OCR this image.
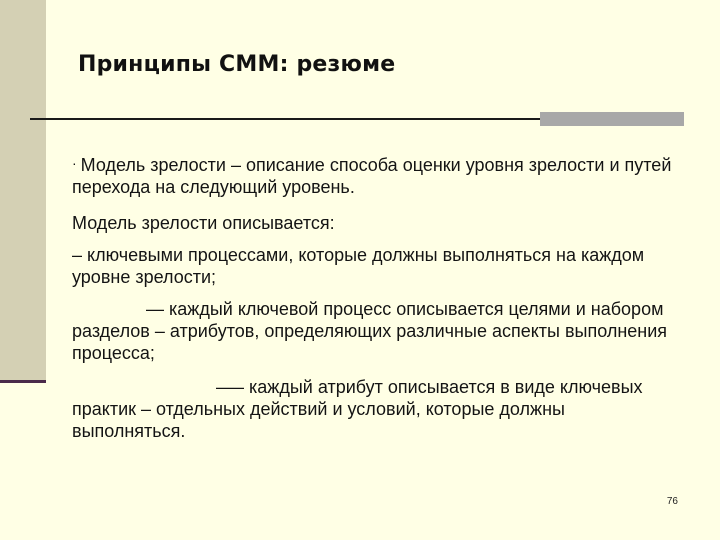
Принципы СММ: резюме

· Модель зрелости – описание способа оценки уровня зрелости и путей перехода на следующий уровень.

Модель зрелости описывается:

– ключевыми процессами, которые должны выполняться на каждом уровне зрелости;

— каждый ключевой процесс описывается целями и набором разделов – атрибутов, определяющих различные аспекты выполнения процесса;

—– каждый атрибут описывается в виде ключевых практик – отдельных действий и условий, которые должны выполняться.

76
